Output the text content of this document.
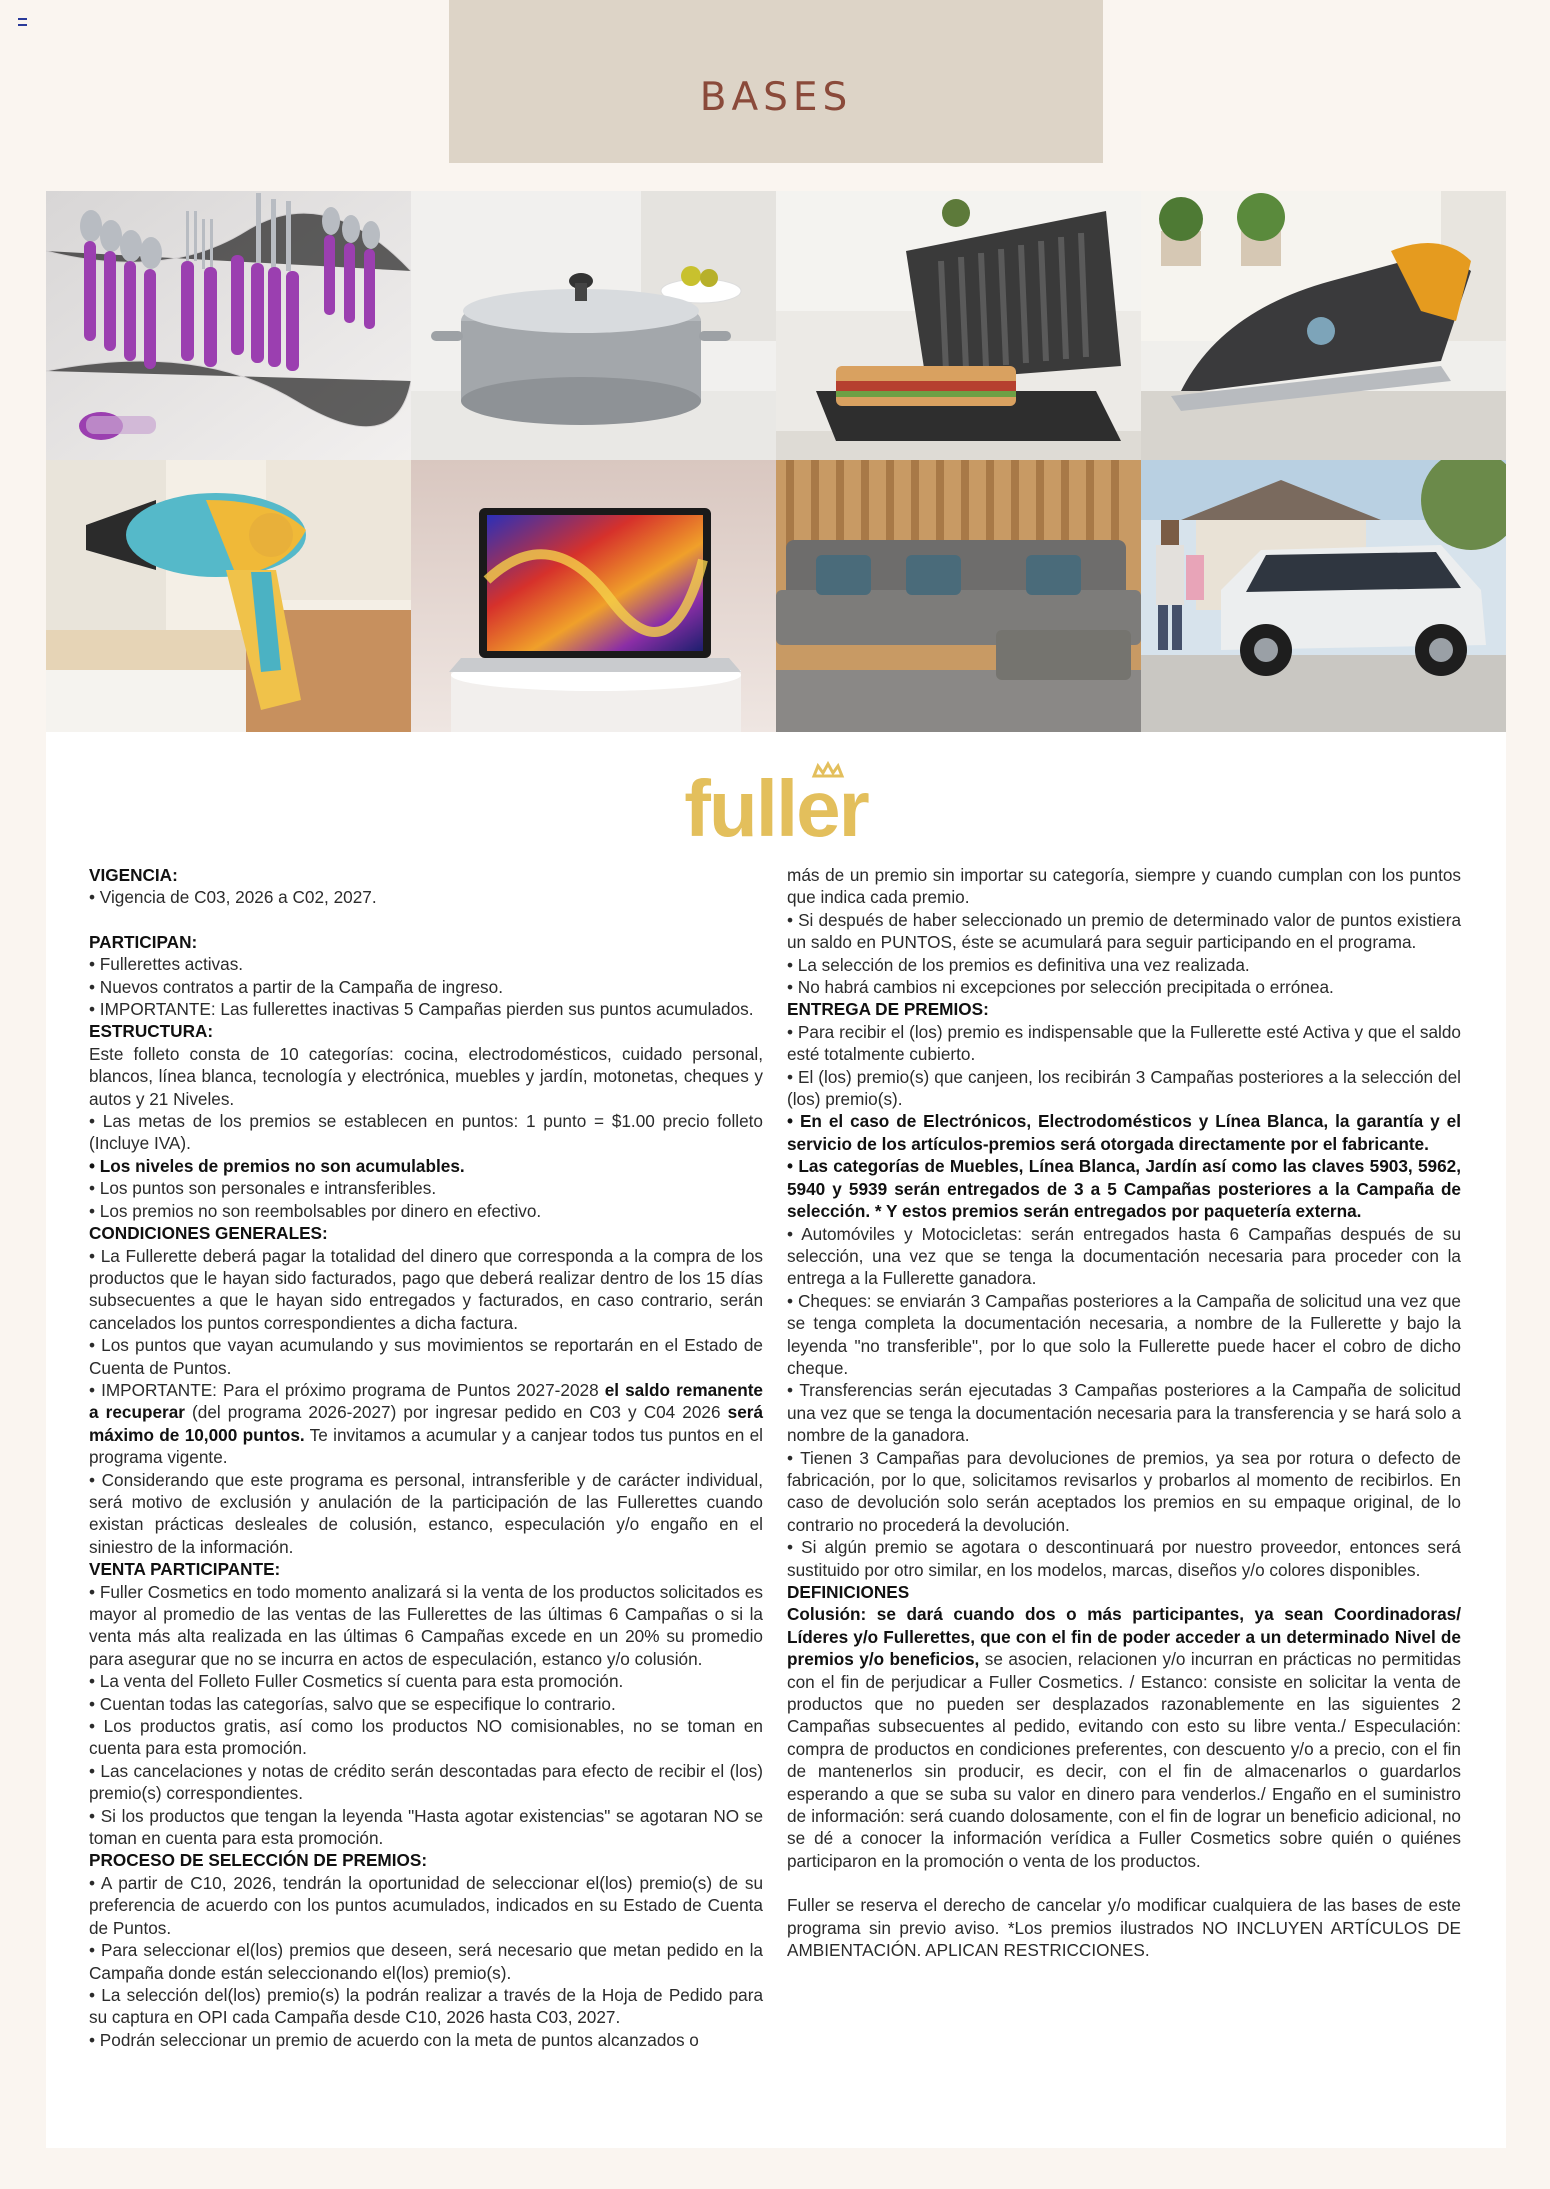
BASES
fuller

VIGENCIA:

• Vigencia de C03, 2026 a C02, 2027.

PARTICIPAN:

• Fullerettes activas.

• Nuevos contratos a partir de la Campaña de ingreso.

• IMPORTANTE: Las fullerettes inactivas 5 Campañas pierden sus puntos acumulados.

ESTRUCTURA:

Este folleto consta de 10 categorías: cocina, electrodomésticos, cuidado personal, blancos, línea blanca, tecnología y electrónica, muebles y jardín, motonetas, cheques y autos y 21 Niveles.

• Las metas de los premios se establecen en puntos: 1 punto = $1.00 precio folleto (Incluye IVA).

• Los niveles de premios no son acumulables.

• Los puntos son personales e intransferibles.

• Los premios no son reembolsables por dinero en efectivo.

CONDICIONES GENERALES:

• La Fullerette deberá pagar la totalidad del dinero que corresponda a la compra de los productos que le hayan sido facturados, pago que deberá realizar dentro de los 15 días subsecuentes a que le hayan sido entregados y facturados, en caso contrario, serán cancelados los puntos correspondientes a dicha factura.

• Los puntos que vayan acumulando y sus movimientos se reportarán en el Estado de Cuenta de Puntos.

• IMPORTANTE: Para el próximo programa de Puntos 2027-2028 el saldo remanente a recuperar (del programa 2026-2027) por ingresar pedido en C03 y C04 2026 será máximo de 10,000 puntos. Te invitamos a acumular y a canjear todos tus puntos en el programa vigente.

• Considerando que este programa es personal, intransferible y de carácter individual, será motivo de exclusión y anulación de la participación de las Fullerettes cuando existan prácticas desleales de colusión, estanco, especulación y/o engaño en el siniestro de la información.

VENTA PARTICIPANTE:

• Fuller Cosmetics en todo momento analizará si la venta de los productos solicitados es mayor al promedio de las ventas de las Fullerettes de las últimas 6 Campañas o si la venta más alta realizada en las últimas 6 Campañas excede en un 20% su promedio para asegurar que no se incurra en actos de especulación, estanco y/o colusión.

• La venta del Folleto Fuller Cosmetics sí cuenta para esta promoción.

• Cuentan todas las categorías, salvo que se especifique lo contrario.

• Los productos gratis, así como los productos NO comisionables, no se toman en cuenta para esta promoción.

• Las cancelaciones y notas de crédito serán descontadas para efecto de recibir el (los) premio(s) correspondientes.

• Si los productos que tengan la leyenda "Hasta agotar existencias" se agotaran NO se toman en cuenta para esta promoción.

PROCESO DE SELECCIÓN DE PREMIOS:

• A partir de C10, 2026, tendrán la oportunidad de seleccionar el(los) premio(s) de su preferencia de acuerdo con los puntos acumulados, indicados en su Estado de Cuenta de Puntos.

• Para seleccionar el(los) premios que deseen, será necesario que metan pedido en la Campaña donde están seleccionando el(los) premio(s).

• La selección del(los) premio(s) la podrán realizar a través de la Hoja de Pedido para su captura en OPI cada Campaña desde C10, 2026 hasta C03, 2027.

• Podrán seleccionar un premio de acuerdo con la meta de puntos alcanzados o

más de un premio sin importar su categoría, siempre y cuando cumplan con los puntos que indica cada premio.

• Si después de haber seleccionado un premio de determinado valor de puntos existiera un saldo en PUNTOS, éste se acumulará para seguir participando en el programa.

• La selección de los premios es definitiva una vez realizada.

• No habrá cambios ni excepciones por selección precipitada o errónea.

ENTREGA DE PREMIOS:

• Para recibir el (los) premio es indispensable que la Fullerette esté Activa y que el saldo esté totalmente cubierto.

• El (los) premio(s) que canjeen, los recibirán 3 Campañas posteriores a la selección del (los) premio(s).

• En el caso de Electrónicos, Electrodomésticos y Línea Blanca, la garantía y el servicio de los artículos-premios será otorgada directamente por el fabricante.

• Las categorías de Muebles, Línea Blanca, Jardín así como las claves 5903, 5962, 5940 y 5939 serán entregados de 3 a 5 Campañas posteriores a la Campaña de selección. * Y estos premios serán entregados por paquetería externa.

• Automóviles y Motocicletas: serán entregados hasta 6 Campañas después de su selección, una vez que se tenga la documentación necesaria para proceder con la entrega a la Fullerette ganadora.

• Cheques: se enviarán 3 Campañas posteriores a la Campaña de solicitud una vez que se tenga completa la documentación necesaria, a nombre de la Fullerette y bajo la leyenda "no transferible", por lo que solo la Fullerette puede hacer el cobro de dicho cheque.

• Transferencias serán ejecutadas 3 Campañas posteriores a la Campaña de solicitud una vez que se tenga la documentación necesaria para la transferencia y se hará solo a nombre de la ganadora.

• Tienen 3 Campañas para devoluciones de premios, ya sea por rotura o defecto de fabricación, por lo que, solicitamos revisarlos y probarlos al momento de recibirlos. En caso de devolución solo serán aceptados los premios en su empaque original, de lo contrario no procederá la devolución.

• Si algún premio se agotara o descontinuará por nuestro proveedor, entonces será sustituido por otro similar, en los modelos, marcas, diseños y/o colores disponibles.

DEFINICIONES

Colusión: se dará cuando dos o más participantes, ya sean Coordinadoras/ Líderes y/o Fullerettes, que con el fin de poder acceder a un determinado Nivel de premios y/o beneficios, se asocien, relacionen y/o incurran en prácticas no permitidas con el fin de perjudicar a Fuller Cosmetics. / Estanco: consiste en solicitar la venta de productos que no pueden ser desplazados razonablemente en las siguientes 2 Campañas subsecuentes al pedido, evitando con esto su libre venta./ Especulación: compra de productos en condiciones preferentes, con descuento y/o a precio, con el fin de mantenerlos sin producir, es decir, con el fin de almacenarlos o guardarlos esperando a que se suba su valor en dinero para venderlos./ Engaño en el suministro de información: será cuando dolosamente, con el fin de lograr un beneficio adicional, no se dé a conocer la información verídica a Fuller Cosmetics sobre quién o quiénes participaron en la promoción o venta de los productos.

Fuller se reserva el derecho de cancelar y/o modificar cualquiera de las bases de este programa sin previo aviso. *Los premios ilustrados NO INCLUYEN ARTÍCULOS DE AMBIENTACIÓN. APLICAN RESTRICCIONES.
